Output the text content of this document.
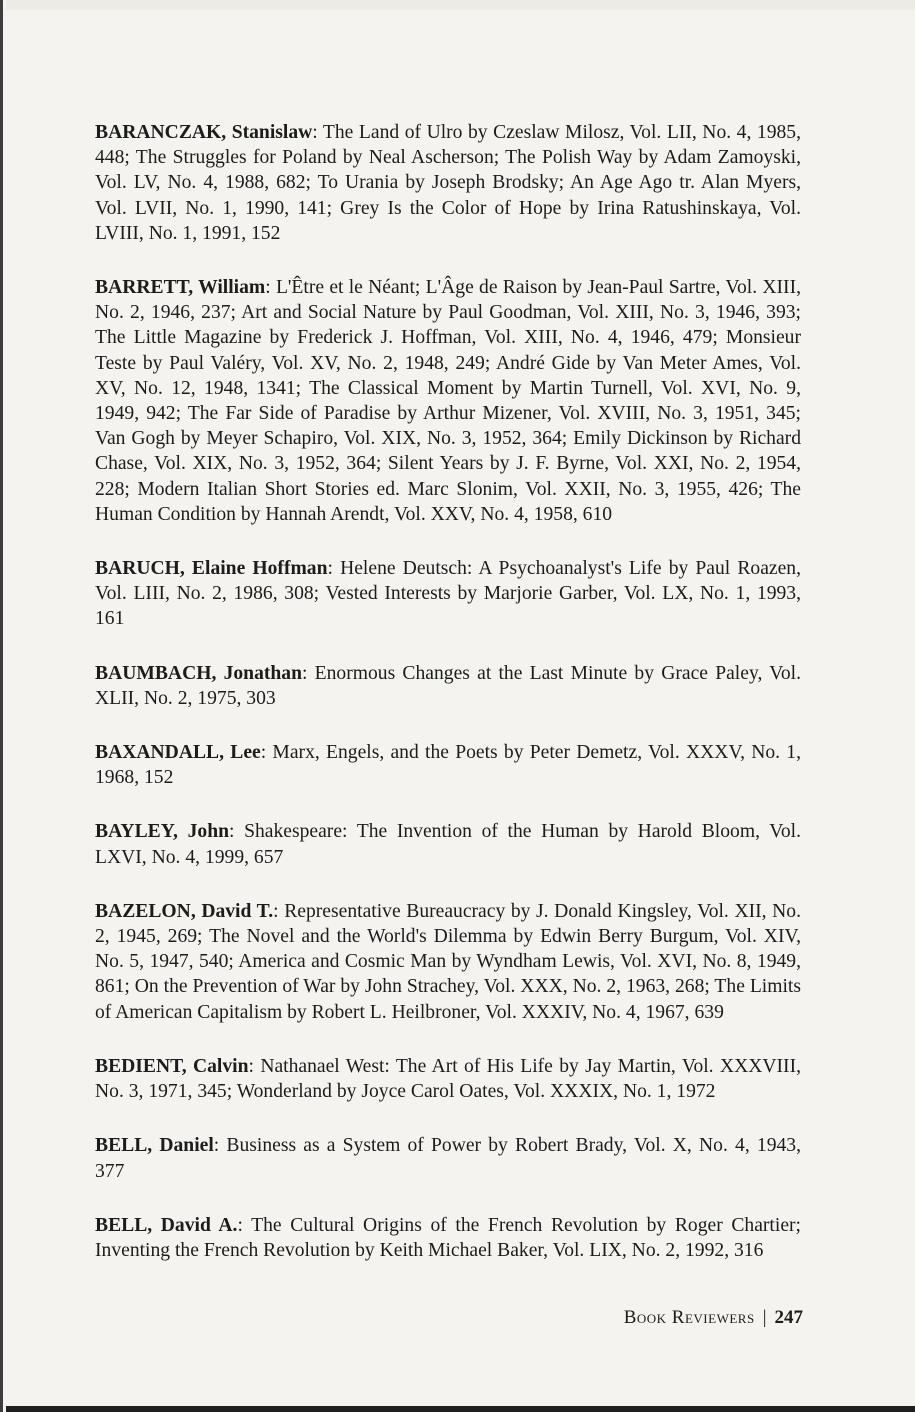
BARANCZAK, Stanislaw: The Land of Ulro by Czeslaw Milosz, Vol. LII, No. 4, 1985, 448; The Struggles for Poland by Neal Ascherson; The Polish Way by Adam Zamoyski, Vol. LV, No. 4, 1988, 682; To Urania by Joseph Brodsky; An Age Ago tr. Alan Myers, Vol. LVII, No. 1, 1990, 141; Grey Is the Color of Hope by Irina Ratushinskaya, Vol. LVIII, No. 1, 1991, 152

BARRETT, William: L'Être et le Néant; L'Âge de Raison by Jean-Paul Sartre, Vol. XIII, No. 2, 1946, 237; Art and Social Nature by Paul Goodman, Vol. XIII, No. 3, 1946, 393; The Little Magazine by Frederick J. Hoffman, Vol. XIII, No. 4, 1946, 479; Monsieur Teste by Paul Valéry, Vol. XV, No. 2, 1948, 249; André Gide by Van Meter Ames, Vol. XV, No. 12, 1948, 1341; The Classical Moment by Martin Turnell, Vol. XVI, No. 9, 1949, 942; The Far Side of Paradise by Arthur Mizener, Vol. XVIII, No. 3, 1951, 345; Van Gogh by Meyer Schapiro, Vol. XIX, No. 3, 1952, 364; Emily Dickinson by Richard Chase, Vol. XIX, No. 3, 1952, 364; Silent Years by J. F. Byrne, Vol. XXI, No. 2, 1954, 228; Modern Italian Short Stories ed. Marc Slonim, Vol. XXII, No. 3, 1955, 426; The Human Condition by Hannah Arendt, Vol. XXV, No. 4, 1958, 610

BARUCH, Elaine Hoffman: Helene Deutsch: A Psychoanalyst's Life by Paul Roazen, Vol. LIII, No. 2, 1986, 308; Vested Interests by Marjorie Garber, Vol. LX, No. 1, 1993, 161

BAUMBACH, Jonathan: Enormous Changes at the Last Minute by Grace Paley, Vol. XLII, No. 2, 1975, 303

BAXANDALL, Lee: Marx, Engels, and the Poets by Peter Demetz, Vol. XXXV, No. 1, 1968, 152

BAYLEY, John: Shakespeare: The Invention of the Human by Harold Bloom, Vol. LXVI, No. 4, 1999, 657

BAZELON, David T.: Representative Bureaucracy by J. Donald Kingsley, Vol. XII, No. 2, 1945, 269; The Novel and the World's Dilemma by Edwin Berry Burgum, Vol. XIV, No. 5, 1947, 540; America and Cosmic Man by Wyndham Lewis, Vol. XVI, No. 8, 1949, 861; On the Prevention of War by John Strachey, Vol. XXX, No. 2, 1963, 268; The Limits of American Capitalism by Robert L. Heilbroner, Vol. XXXIV, No. 4, 1967, 639

BEDIENT, Calvin: Nathanael West: The Art of His Life by Jay Martin, Vol. XXXVIII, No. 3, 1971, 345; Wonderland by Joyce Carol Oates, Vol. XXXIX, No. 1, 1972

BELL, Daniel: Business as a System of Power by Robert Brady, Vol. X, No. 4, 1943, 377

BELL, David A.: The Cultural Origins of the French Revolution by Roger Chartier; Inventing the French Revolution by Keith Michael Baker, Vol. LIX, No. 2, 1992, 316

Book Reviewers | 247
